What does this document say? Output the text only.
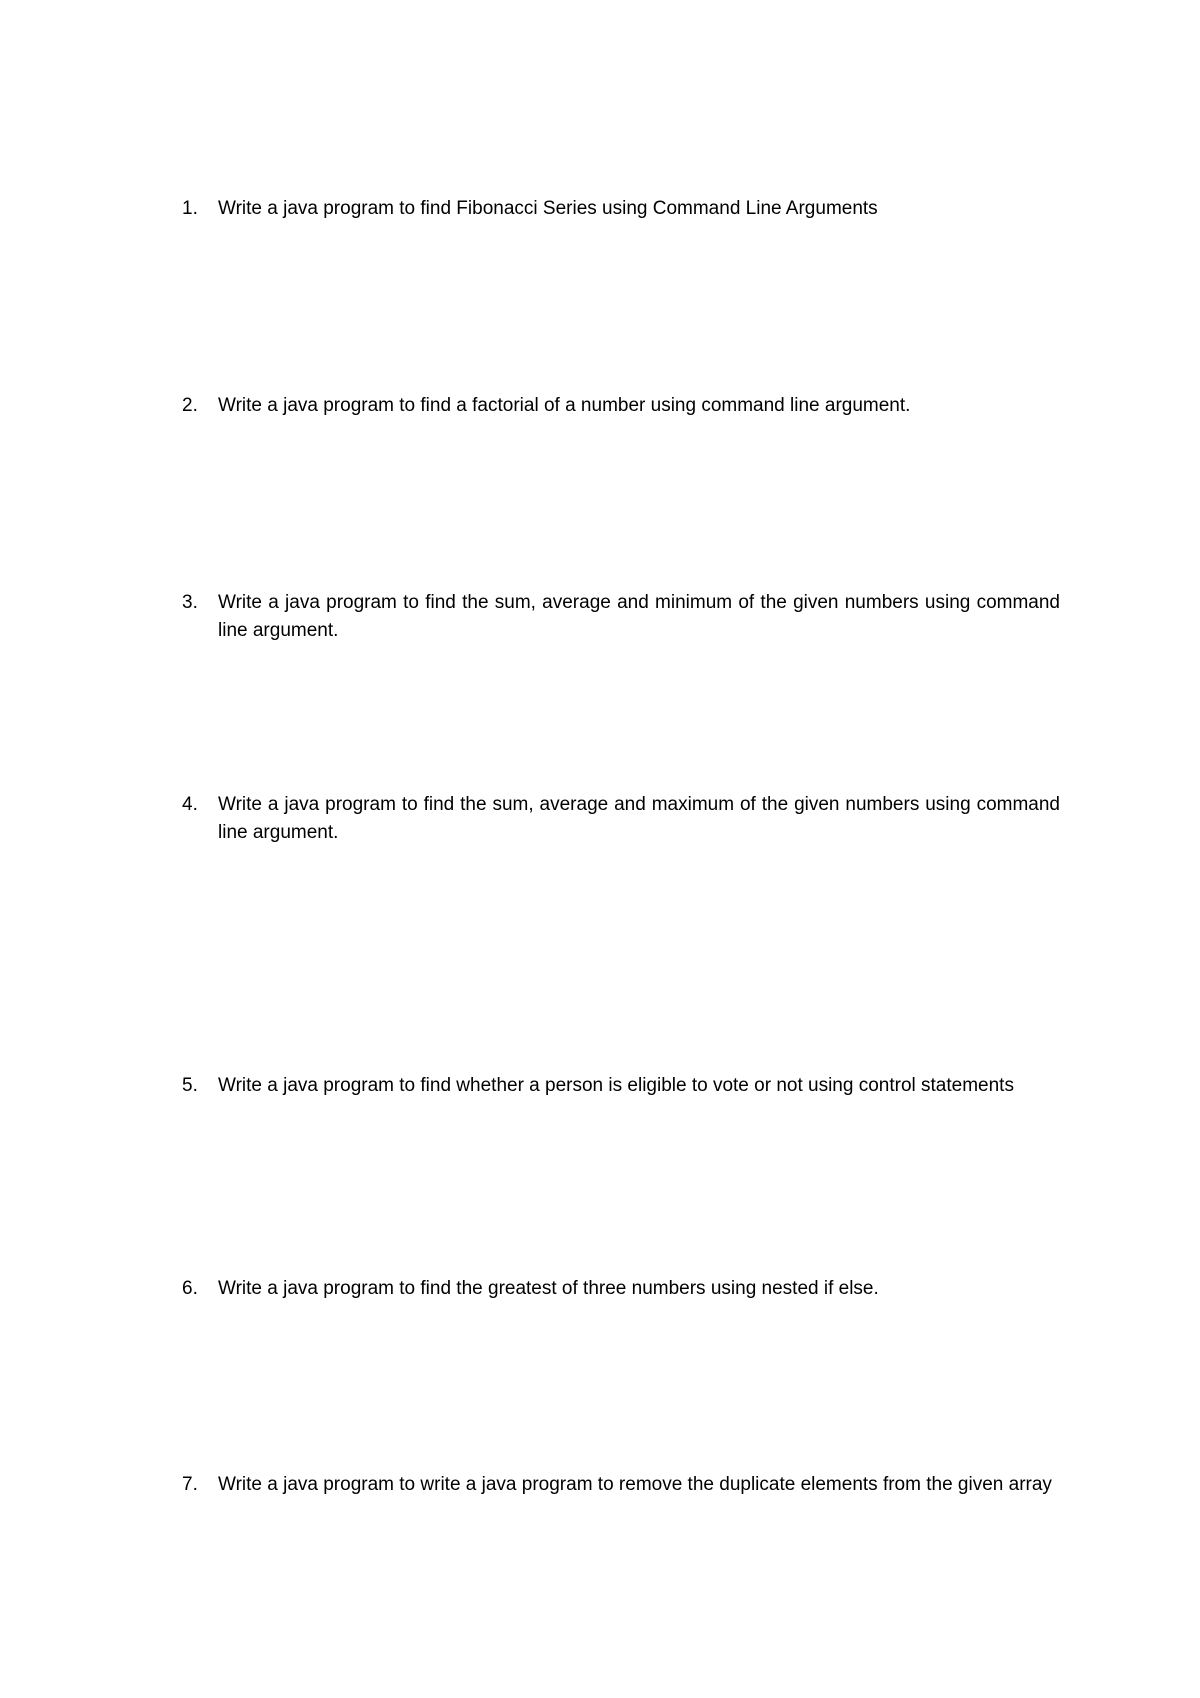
1.	Write a java program to find Fibonacci Series using Command Line Arguments
2.	Write a java program to find a factorial of a number using command line argument.
3.	Write a java program to find the sum, average and minimum of the given numbers using command line argument.
4.	Write a java program to find the sum, average and maximum of the given numbers using command line argument.
5.	Write a java program to find whether a person is eligible to vote or not using control statements
6.	Write a java program to find the greatest of three numbers using nested if else.
7.	Write a java program to write a java program to remove the duplicate elements from the given array
